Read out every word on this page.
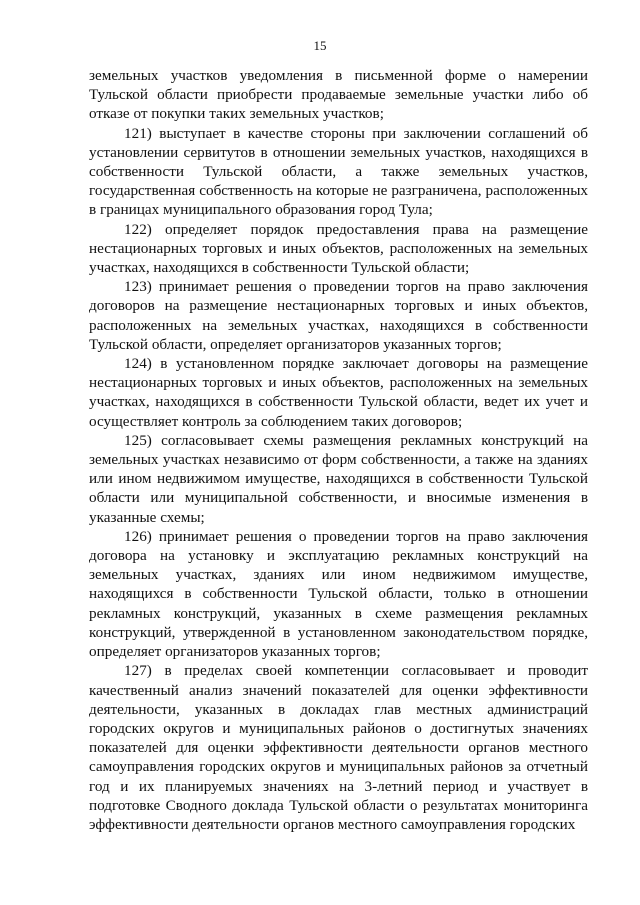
15

земельных участков уведомления в письменной форме о намерении Тульской области приобрести продаваемые земельные участки либо об отказе от покупки таких земельных участков;

121) выступает в качестве стороны при заключении соглашений об установлении сервитутов в отношении земельных участков, находящихся в собственности Тульской области, а также земельных участков, государственная собственность на которые не разграничена, расположенных в границах муниципального образования город Тула;

122) определяет порядок предоставления права на размещение нестационарных торговых и иных объектов, расположенных на земельных участках, находящихся в собственности Тульской области;

123) принимает решения о проведении торгов на право заключения договоров на размещение нестационарных торговых и иных объектов, расположенных на земельных участках, находящихся в собственности Тульской области, определяет организаторов указанных торгов;

124) в установленном порядке заключает договоры на размещение нестационарных торговых и иных объектов, расположенных на земельных участках, находящихся в собственности Тульской области, ведет их учет и осуществляет контроль за соблюдением таких договоров;

125) согласовывает схемы размещения рекламных конструкций на земельных участках независимо от форм собственности, а также на зданиях или ином недвижимом имуществе, находящихся в собственности Тульской области или муниципальной собственности, и вносимые изменения в указанные схемы;

126) принимает решения о проведении торгов на право заключения договора на установку и эксплуатацию рекламных конструкций на земельных участках, зданиях или ином недвижимом имуществе, находящихся в собственности Тульской области, только в отношении рекламных конструкций, указанных в схеме размещения рекламных конструкций, утвержденной в установленном законодательством порядке, определяет организаторов указанных торгов;

127) в пределах своей компетенции согласовывает и проводит качественный анализ значений показателей для оценки эффективности деятельности, указанных в докладах глав местных администраций городских округов и муниципальных районов о достигнутых значениях показателей для оценки эффективности деятельности органов местного самоуправления городских округов и муниципальных районов за отчетный год и их планируемых значениях на 3-летний период и участвует в подготовке Сводного доклада Тульской области о результатах мониторинга эффективности деятельности органов местного самоуправления городских
